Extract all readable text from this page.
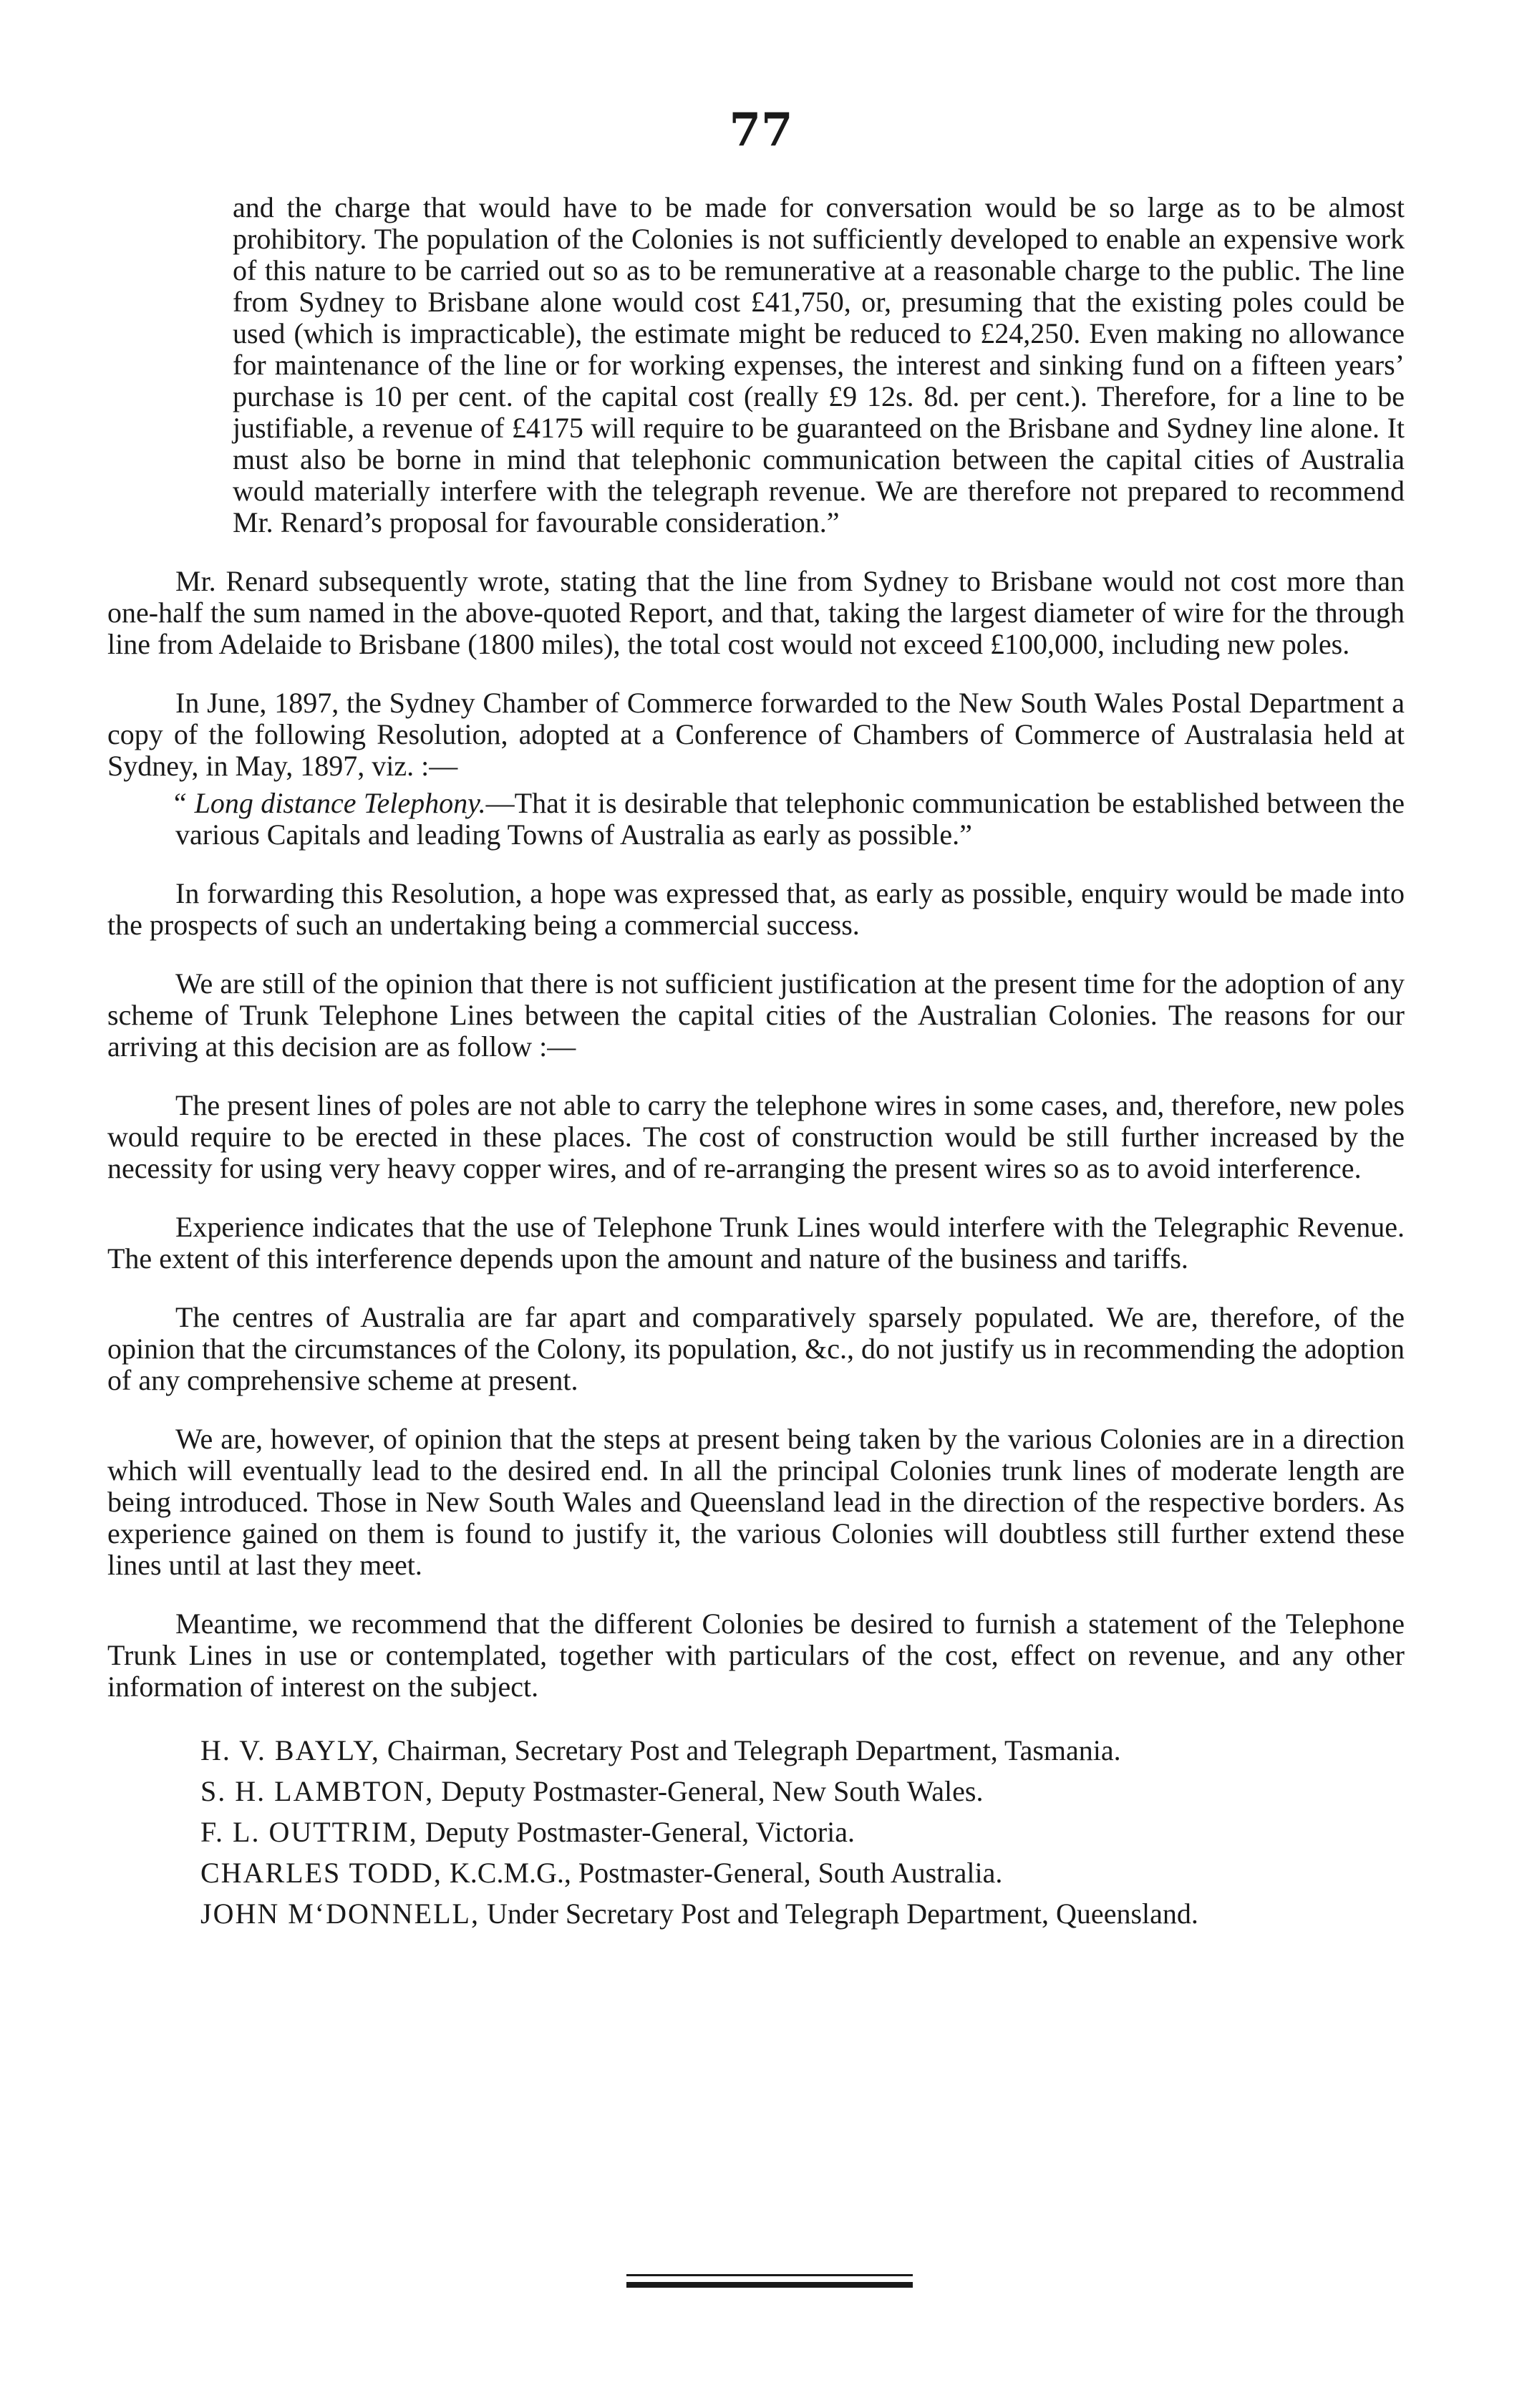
77

and the charge that would have to be made for conversation would be so large as to be almost prohibitory. The population of the Colonies is not sufficiently developed to enable an expensive work of this nature to be carried out so as to be remunerative at a reasonable charge to the public. The line from Sydney to Brisbane alone would cost £41,750, or, presuming that the existing poles could be used (which is impracticable), the estimate might be reduced to £24,250. Even making no allowance for maintenance of the line or for working expenses, the interest and sinking fund on a fifteen years’ purchase is 10 per cent. of the capital cost (really £9 12s. 8d. per cent.). Therefore, for a line to be justifiable, a revenue of £4175 will require to be guaranteed on the Brisbane and Sydney line alone. It must also be borne in mind that telephonic communication between the capital cities of Australia would materially interfere with the telegraph revenue. We are therefore not prepared to recommend Mr. Renard’s proposal for favourable consideration.”

Mr. Renard subsequently wrote, stating that the line from Sydney to Brisbane would not cost more than one-half the sum named in the above-quoted Report, and that, taking the largest diameter of wire for the through line from Adelaide to Brisbane (1800 miles), the total cost would not exceed £100,000, including new poles.

In June, 1897, the Sydney Chamber of Commerce forwarded to the New South Wales Postal Department a copy of the following Resolution, adopted at a Conference of Chambers of Commerce of Australasia held at Sydney, in May, 1897, viz. :—

“ Long distance Telephony.—That it is desirable that telephonic communication be established between the various Capitals and leading Towns of Australia as early as possible.”

In forwarding this Resolution, a hope was expressed that, as early as possible, enquiry would be made into the prospects of such an undertaking being a commercial success.

We are still of the opinion that there is not sufficient justification at the present time for the adoption of any scheme of Trunk Telephone Lines between the capital cities of the Australian Colonies. The reasons for our arriving at this decision are as follow :—

The present lines of poles are not able to carry the telephone wires in some cases, and, therefore, new poles would require to be erected in these places. The cost of construction would be still further increased by the necessity for using very heavy copper wires, and of re-arranging the present wires so as to avoid interference.

Experience indicates that the use of Telephone Trunk Lines would interfere with the Telegraphic Revenue. The extent of this interference depends upon the amount and nature of the business and tariffs.

The centres of Australia are far apart and comparatively sparsely populated. We are, therefore, of the opinion that the circumstances of the Colony, its population, &c., do not justify us in recommending the adoption of any comprehensive scheme at present.

We are, however, of opinion that the steps at present being taken by the various Colonies are in a direction which will eventually lead to the desired end. In all the principal Colonies trunk lines of moderate length are being introduced. Those in New South Wales and Queensland lead in the direction of the respective borders. As experience gained on them is found to justify it, the various Colonies will doubtless still further extend these lines until at last they meet.

Meantime, we recommend that the different Colonies be desired to furnish a statement of the Telephone Trunk Lines in use or contemplated, together with particulars of the cost, effect on revenue, and any other information of interest on the subject.

H. V. BAYLY, Chairman, Secretary Post and Telegraph Department, Tasmania.

S. H. LAMBTON, Deputy Postmaster-General, New South Wales.

F. L. OUTTRIM, Deputy Postmaster-General, Victoria.

CHARLES TODD, K.C.M.G., Postmaster-General, South Australia.

JOHN M‘DONNELL, Under Secretary Post and Telegraph Department, Queensland.
